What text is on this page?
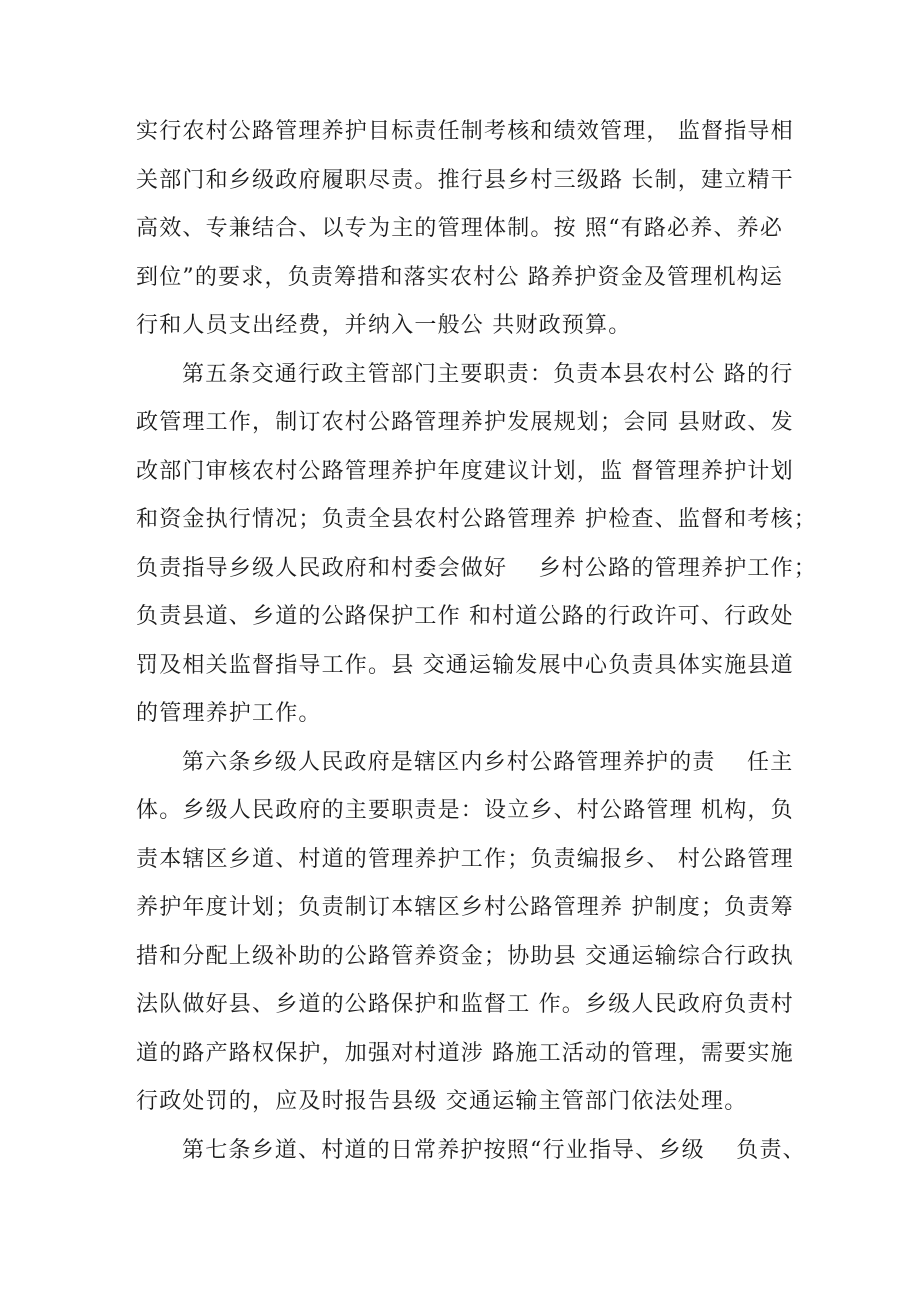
实行农村公路管理养护目标责任制考核和绩效管理， 监督指导相
关部门和乡级政府履职尽责。推行县乡村三级路 长制，建立精干
高效、专兼结合、以专为主的管理体制。按 照“有路必养、养必
到位”的要求，负责筹措和落实农村公 路养护资金及管理机构运
行和人员支出经费，并纳入一般公 共财政预算。
第五条交通行政主管部门主要职责：负责本县农村公 路的行
政管理工作，制订农村公路管理养护发展规划；会同 县财政、发
改部门审核农村公路管理养护年度建议计划，监 督管理养护计划
和资金执行情况；负责全县农村公路管理养 护检查、监督和考核；
负责指导乡级人民政府和村委会做好　 乡村公路的管理养护工作；
负责县道、乡道的公路保护工作 和村道公路的行政许可、行政处
罚及相关监督指导工作。县 交通运输发展中心负责具体实施县道
的管理养护工作。
第六条乡级人民政府是辖区内乡村公路管理养护的责　 任主
体。乡级人民政府的主要职责是：设立乡、村公路管理 机构，负
责本辖区乡道、村道的管理养护工作；负责编报乡、 村公路管理
养护年度计划；负责制订本辖区乡村公路管理养 护制度；负责筹
措和分配上级补助的公路管养资金；协助县 交通运输综合行政执
法队做好县、乡道的公路保护和监督工 作。乡级人民政府负责村
道的路产路权保护，加强对村道涉 路施工活动的管理，需要实施
行政处罚的，应及时报告县级 交通运输主管部门依法处理。
第七条乡道、村道的日常养护按照“行业指导、乡级　 负责、
